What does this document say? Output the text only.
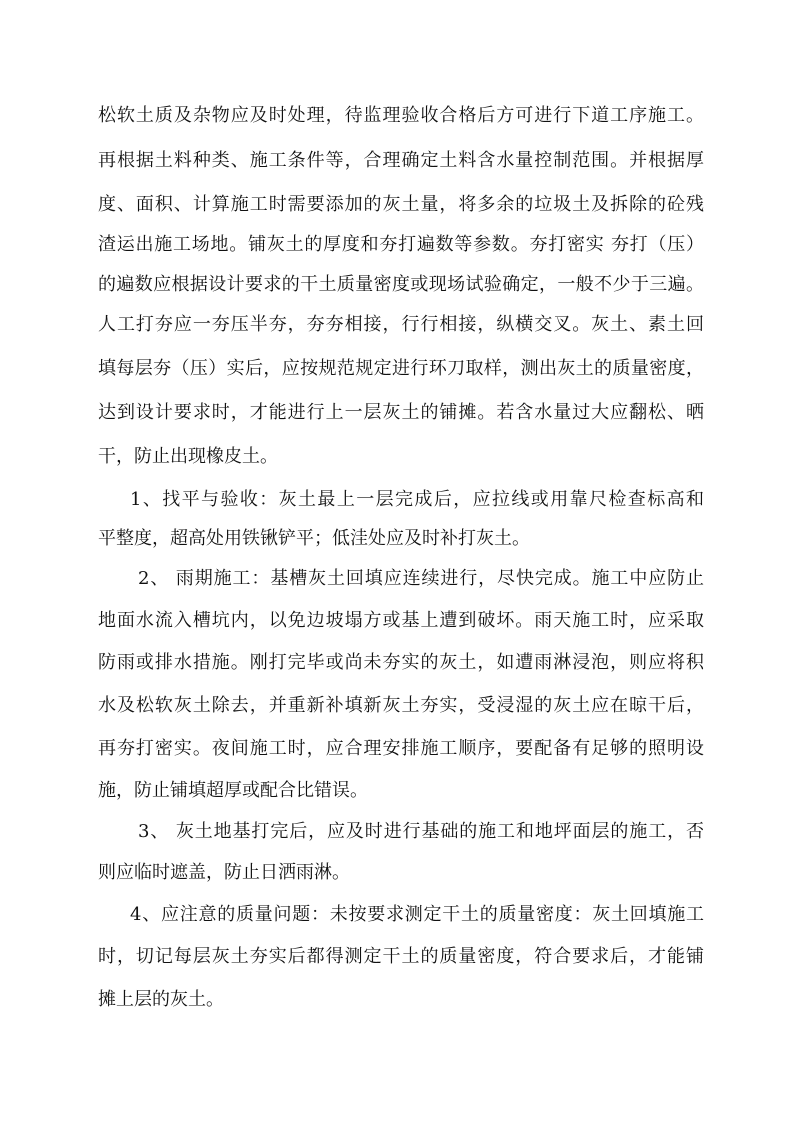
松软土质及杂物应及时处理，待监理验收合格后方可进行下道工序施工。
再根据土料种类、施工条件等，合理确定土料含水量控制范围。并根据厚
度、面积、计算施工时需要添加的灰土量，将多余的垃圾土及拆除的砼残
渣运出施工场地。铺灰土的厚度和夯打遍数等参数。夯打密实 夯打（压）
的遍数应根据设计要求的干土质量密度或现场试验确定，一般不少于三遍。
人工打夯应一夯压半夯，夯夯相接，行行相接，纵横交叉。灰土、素土回
填每层夯（压）实后，应按规范规定进行环刀取样，测出灰土的质量密度，
达到设计要求时，才能进行上一层灰土的铺摊。若含水量过大应翻松、晒
干，防止出现橡皮土。
1、找平与验收：灰土最上一层完成后，应拉线或用靠尺检查标高和
平整度，超高处用铁锹铲平；低洼处应及时补打灰土。
2、 雨期施工：基槽灰土回填应连续进行，尽快完成。施工中应防止
地面水流入槽坑内，以免边坡塌方或基上遭到破坏。雨天施工时，应采取
防雨或排水措施。刚打完毕或尚未夯实的灰土，如遭雨淋浸泡，则应将积
水及松软灰土除去，并重新补填新灰土夯实，受浸湿的灰土应在晾干后，
再夯打密实。夜间施工时，应合理安排施工顺序，要配备有足够的照明设
施，防止铺填超厚或配合比错误。
3、 灰土地基打完后，应及时进行基础的施工和地坪面层的施工，否
则应临时遮盖，防止日洒雨淋。
4、应注意的质量问题：未按要求测定干土的质量密度：灰土回填施工
时，切记每层灰土夯实后都得测定干土的质量密度，符合要求后，才能铺
摊上层的灰土。
